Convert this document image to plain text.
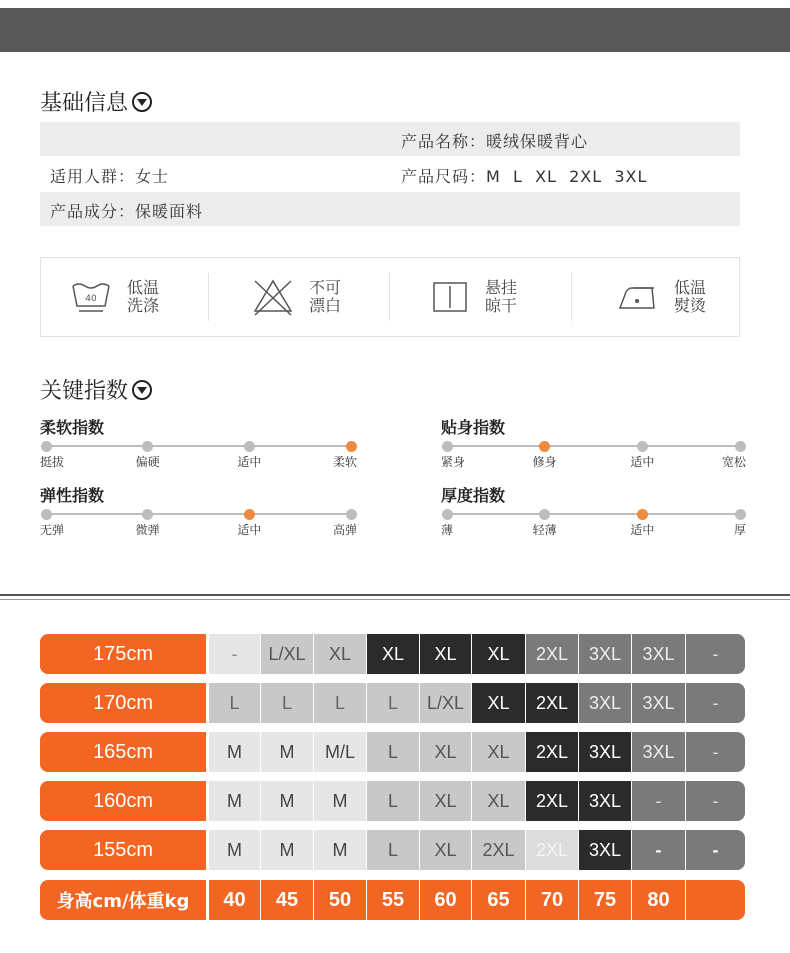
基础信息
产品名称：暖绒保暖背心
适用人群：女士	产品尺码：M  L  XL  2XL  3XL
产品成分：保暖面料
40
低温
洗涤
不可
漂白
悬挂
晾干
低温
熨烫
关键指数
柔软指数
挺拔	偏硬	适中	柔软
贴身指数
紧身	修身	适中	宽松
弹性指数
无弹	微弹	适中	高弹
厚度指数
薄	轻薄	适中	厚
175cm	-	L/XL	XL	XL	XL	XL	2XL	3XL	3XL	-
170cm	L	L	L	L	L/XL	XL	2XL	3XL	3XL	-
165cm	M	M	M/L	L	XL	XL	2XL	3XL	3XL	-
160cm	M	M	M	L	XL	XL	2XL	3XL	-	-
155cm	M	M	M	L	XL	2XL	2XL	3XL	-	-
身高cm/体重kg	40	45	50	55	60	65	70	75	80
